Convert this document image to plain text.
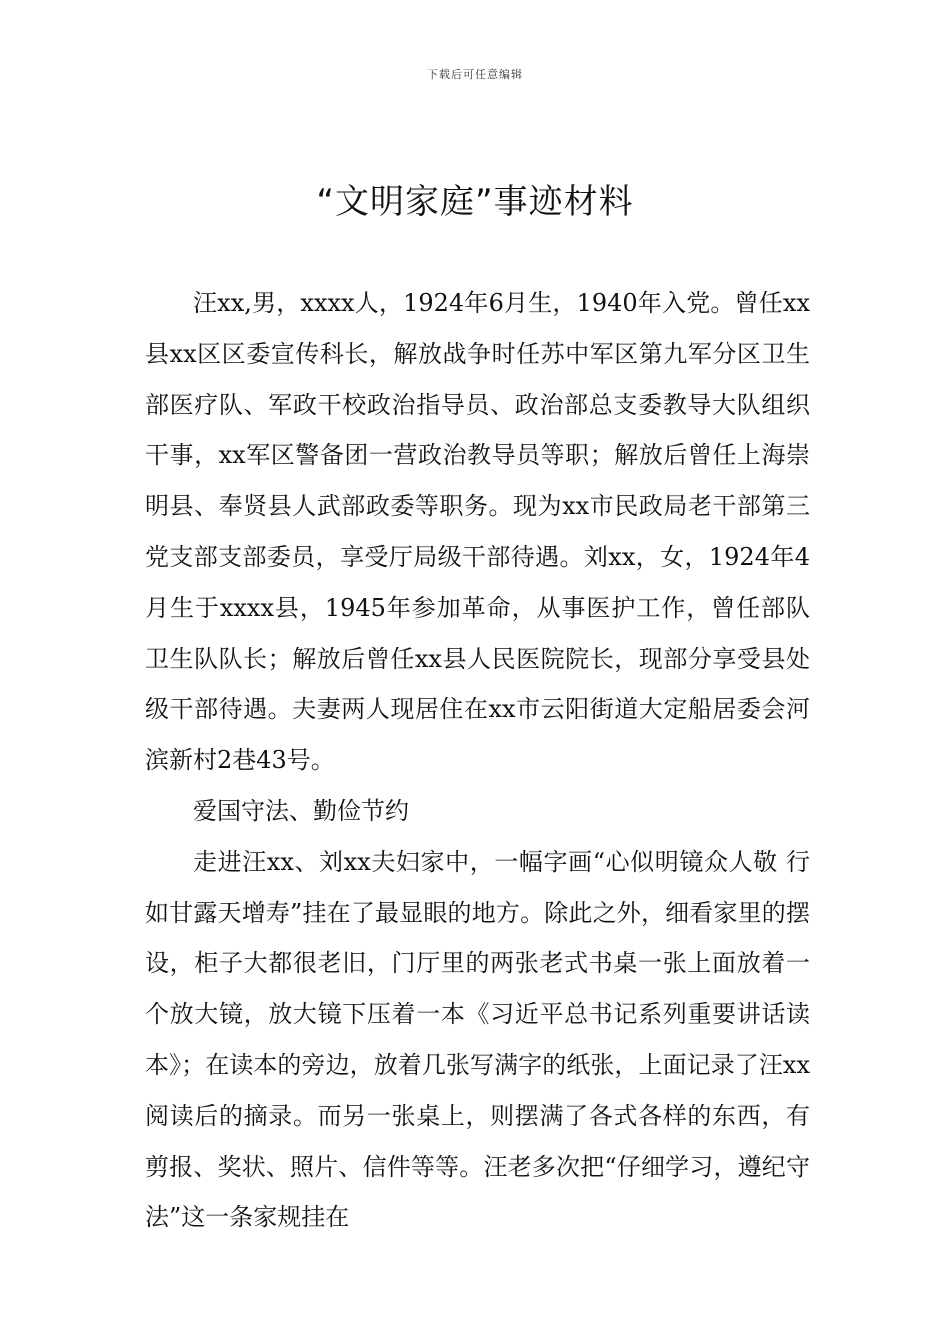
下载后可任意编辑
“文明家庭”事迹材料

汪xx,男，xxxx人，1924年6月生，1940年入党。曾任xx县xx区区委宣传科长，解放战争时任苏中军区第九军分区卫生部医疗队、军政干校政治指导员、政治部总支委教导大队组织干事，xx军区警备团一营政治教导员等职；解放后曾任上海崇明县、奉贤县人武部政委等职务。现为xx市民政局老干部第三党支部支部委员，享受厅局级干部待遇。刘xx，女，1924年4月生于xxxx县，1945年参加革命，从事医护工作，曾任部队卫生队队长；解放后曾任xx县人民医院院长，现部分享受县处级干部待遇。夫妻两人现居住在xx市云阳街道大定船居委会河滨新村2巷43号。

爱国守法、勤俭节约

走进汪xx、刘xx夫妇家中，一幅字画“心似明镜众人敬 行如甘露天增寿”挂在了最显眼的地方。除此之外，细看家里的摆设，柜子大都很老旧，门厅里的两张老式书桌一张上面放着一个放大镜，放大镜下压着一本《习近平总书记系列重要讲话读本》；在读本的旁边，放着几张写满字的纸张，上面记录了汪xx阅读后的摘录。而另一张桌上，则摆满了各式各样的东西，有剪报、奖状、照片、信件等等。汪老多次把“仔细学习，遵纪守法”这一条家规挂在
